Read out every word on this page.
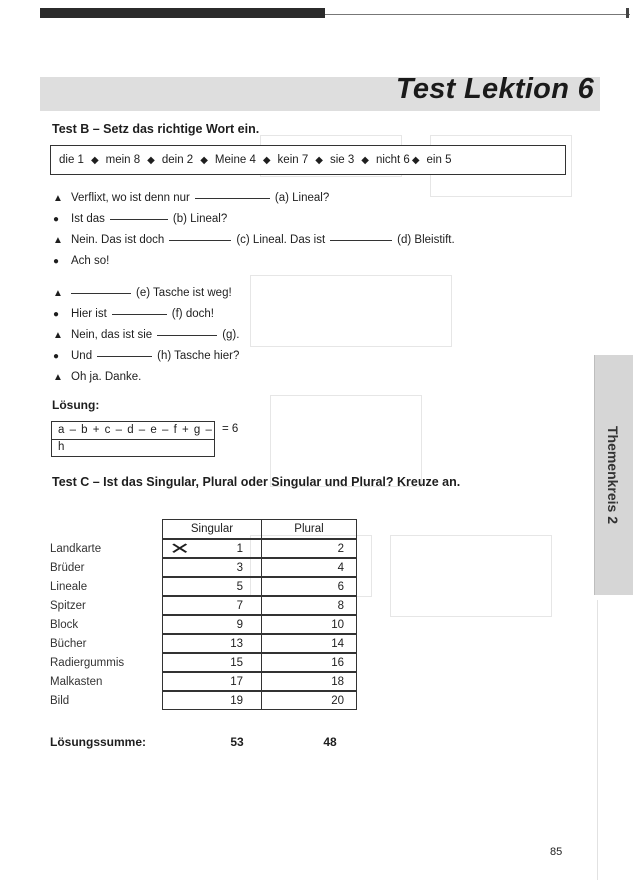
Test Lektion 6
Themenkreis 2
Test B – Setz das richtige Wort ein.
die 1 ◆ mein 8 ◆ dein 2 ◆ Meine 4 ◆ kein 7 ◆ sie 3 ◆ nicht 6 ◆ ein 5
▲ Verflixt, wo ist denn nur	(a) Lineal?
●	Ist das	(b) Lineal?
▲ Nein. Das ist doch	(c) Lineal. Das ist	(d) Bleistift.
●	Ach so!
▲	(e) Tasche ist weg!
●	Hier ist	(f) doch!
▲ Nein, das ist sie	(g).
●	Und	(h) Tasche hier?
▲ Oh ja. Danke.
Lösung:
a – b + c – d – e – f + g – h
= 6
Test C – Ist das Singular, Plural oder Singular und Plural? Kreuze an.
Singular	Plural
Landkarte	✕	1	2
Brüder	3	4
Lineale	5	6
Spitzer	7	8
Block	9	10
Bücher	13	14
Radiergummis	15	16
Malkasten	17	18
Bild	19	20
Lösungssumme:	53	48
85
